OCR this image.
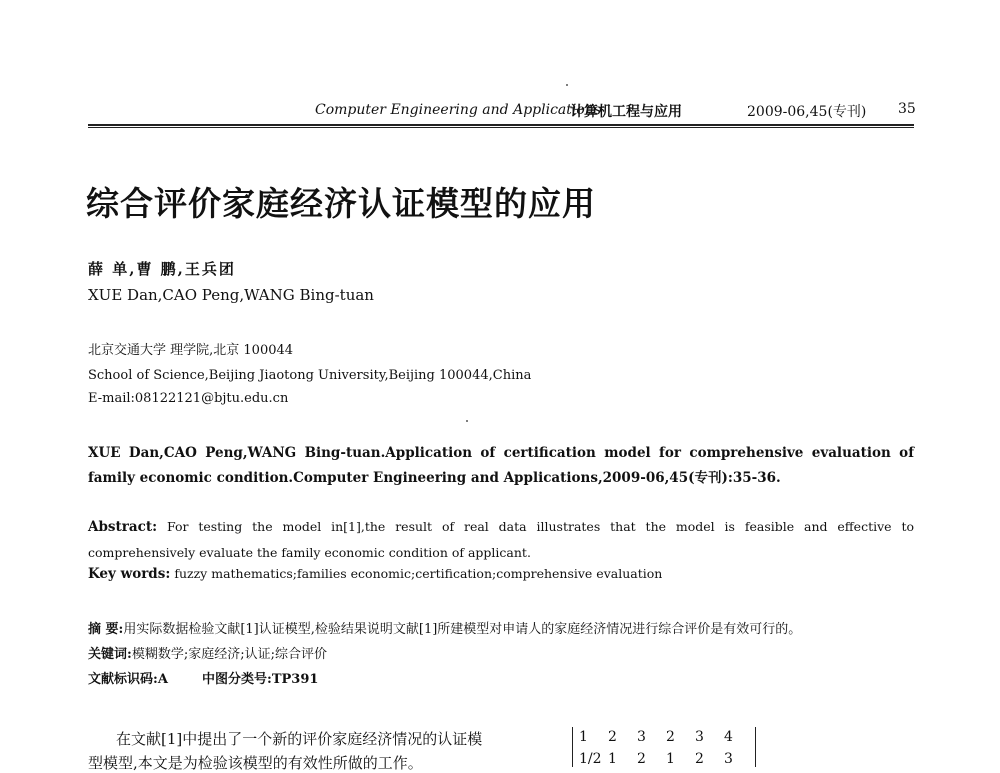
Computer Engineering and Applications
计算机工程与应用	2009-06,45(专刊) 35
综合评价家庭经济认证模型的应用
薛 单,曹 鹏,王兵团
XUE Dan,CAO Peng,WANG Bing-tuan
北京交通大学 理学院,北京 100044
School of Science,Beijing Jiaotong University,Beijing 100044,China
E-mail:08122121@bjtu.edu.cn
XUE Dan,CAO Peng,WANG Bing-tuan.Application of certification model for comprehensive evaluation of family economic condition.Computer Engineering and Applications,2009-06,45(专刊):35-36.
Abstract: For testing the model in[1],the result of real data illustrates that the model is feasible and effective to comprehensively evaluate the family economic condition of applicant.
Key words: fuzzy mathematics;families economic;certification;comprehensive evaluation
摘 要:用实际数据检验文献[1]认证模型,检验结果说明文献[1]所建模型对申请人的家庭经济情况进行综合评价是有效可行的。
关键词:模糊数学;家庭经济;认证;综合评价
文献标识码:A	中图分类号:TP391
在文献[1]中提出了一个新的评价家庭经济情况的认证模
型模型,本文是为检验该模型的有效性所做的工作。
1 2 3 2 3 4
1/2 1 2 1 2 3
